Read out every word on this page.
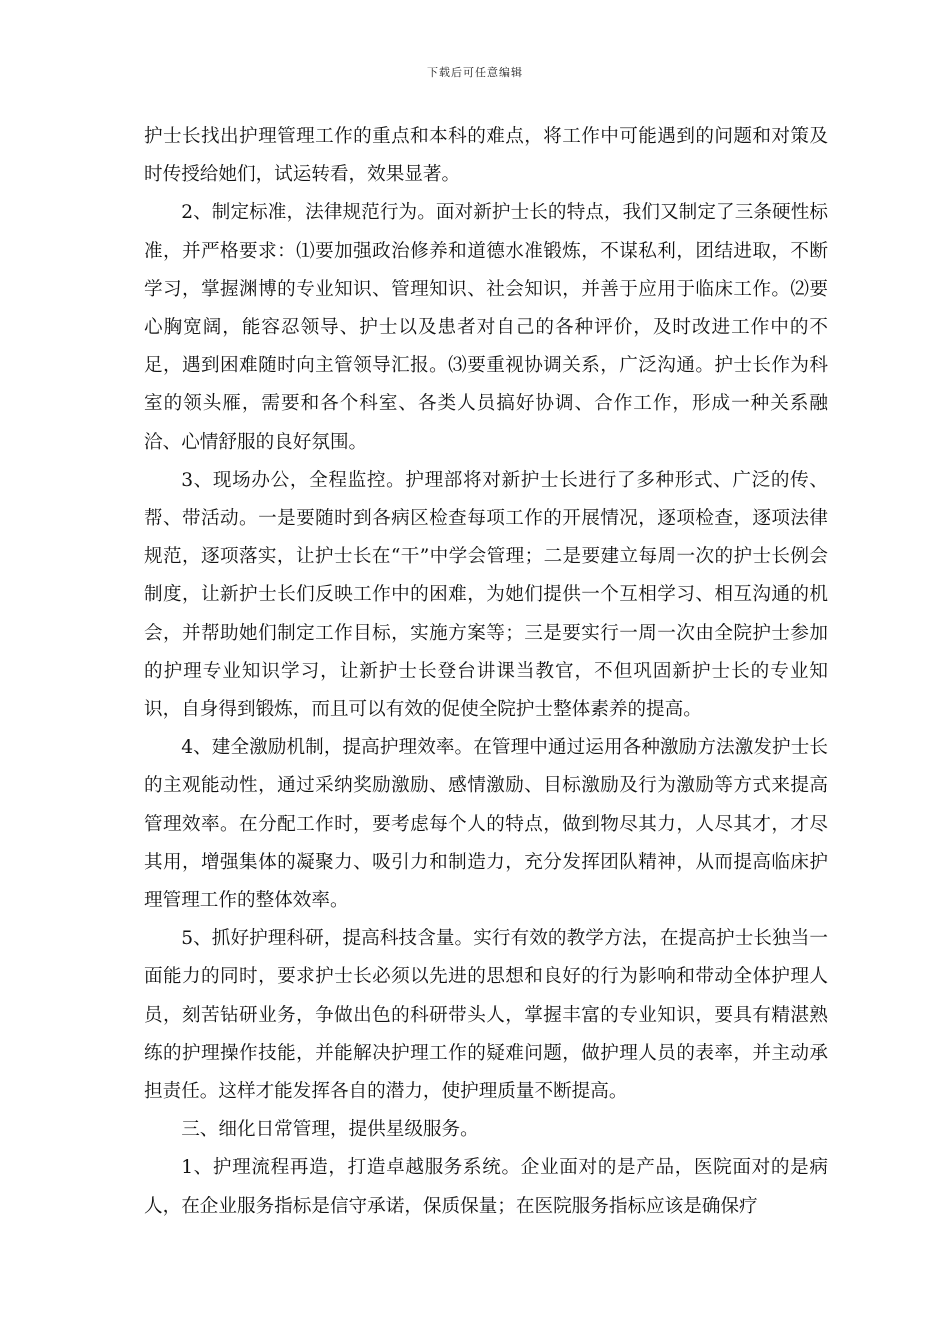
下载后可任意编辑

护士长找出护理管理工作的重点和本科的难点，将工作中可能遇到的问题和对策及时传授给她们，试运转看，效果显著。

2、制定标准，法律规范行为。面对新护士长的特点，我们又制定了三条硬性标准，并严格要求：⑴要加强政治修养和道德水准锻炼，不谋私利，团结进取，不断学习，掌握渊博的专业知识、管理知识、社会知识，并善于应用于临床工作。⑵要心胸宽阔，能容忍领导、护士以及患者对自己的各种评价，及时改进工作中的不足，遇到困难随时向主管领导汇报。⑶要重视协调关系，广泛沟通。护士长作为科室的领头雁，需要和各个科室、各类人员搞好协调、合作工作，形成一种关系融洽、心情舒服的良好氛围。

3、现场办公，全程监控。护理部将对新护士长进行了多种形式、广泛的传、帮、带活动。一是要随时到各病区检查每项工作的开展情况，逐项检查，逐项法律规范，逐项落实，让护士长在“干”中学会管理；二是要建立每周一次的护士长例会制度，让新护士长们反映工作中的困难，为她们提供一个互相学习、相互沟通的机会，并帮助她们制定工作目标，实施方案等；三是要实行一周一次由全院护士参加的护理专业知识学习，让新护士长登台讲课当教官，不但巩固新护士长的专业知识，自身得到锻炼，而且可以有效的促使全院护士整体素养的提高。

4、建全激励机制，提高护理效率。在管理中通过运用各种激励方法激发护士长的主观能动性，通过采纳奖励激励、感情激励、目标激励及行为激励等方式来提高管理效率。在分配工作时，要考虑每个人的特点，做到物尽其力，人尽其才，才尽其用，增强集体的凝聚力、吸引力和制造力，充分发挥团队精神，从而提高临床护理管理工作的整体效率。

5、抓好护理科研，提高科技含量。实行有效的教学方法，在提高护士长独当一面能力的同时，要求护士长必须以先进的思想和良好的行为影响和带动全体护理人员，刻苦钻研业务，争做出色的科研带头人，掌握丰富的专业知识，要具有精湛熟练的护理操作技能，并能解决护理工作的疑难问题，做护理人员的表率，并主动承担责任。这样才能发挥各自的潜力，使护理质量不断提高。

三、细化日常管理，提供星级服务。

1、护理流程再造，打造卓越服务系统。企业面对的是产品，医院面对的是病人，在企业服务指标是信守承诺，保质保量；在医院服务指标应该是确保疗
